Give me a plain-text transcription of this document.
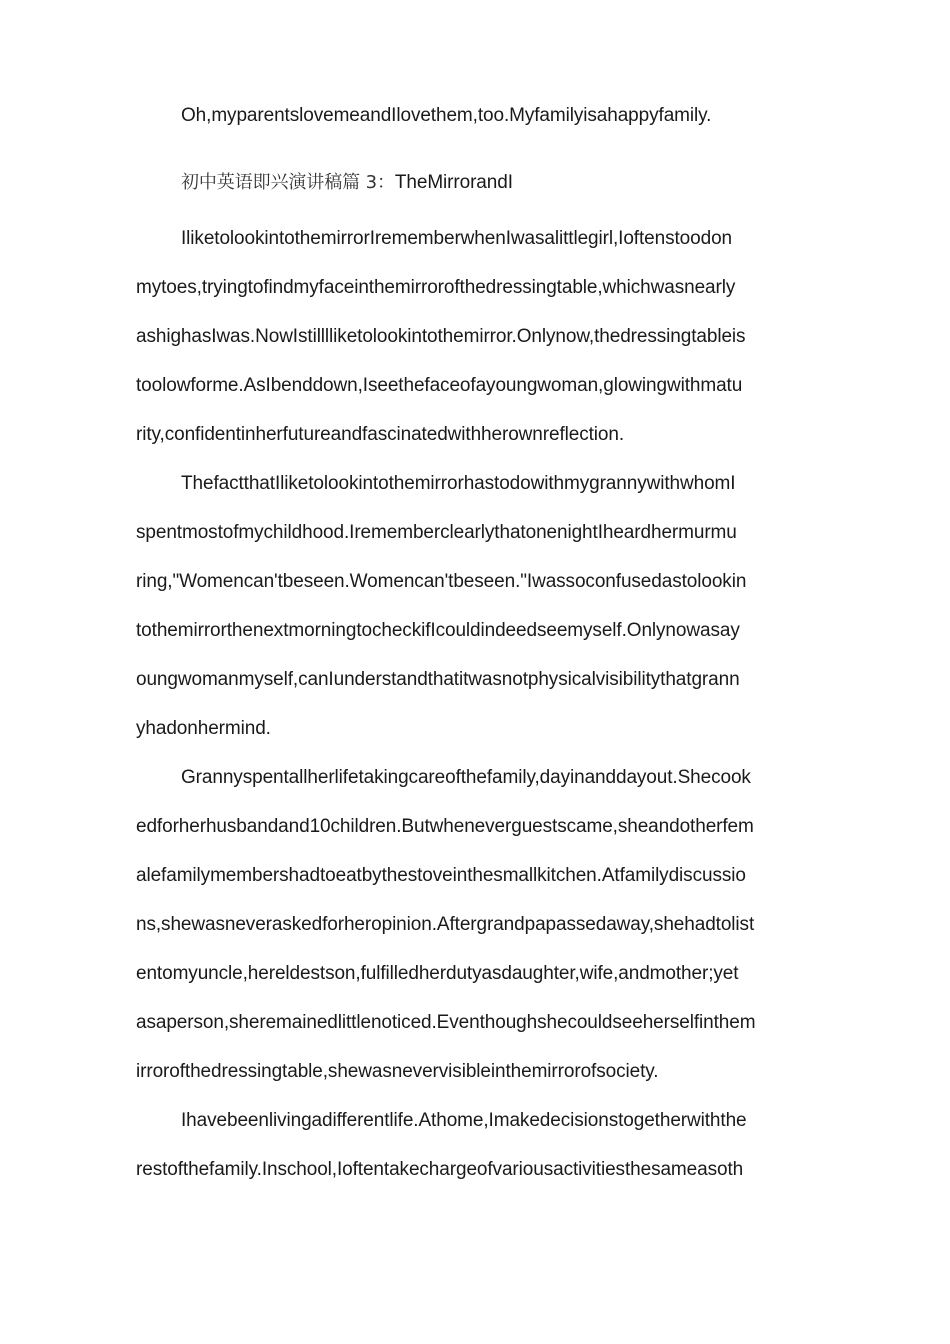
Oh,myparentslovemeandIlovethem,too.Myfamilyisahappyfamily.
初中英语即兴演讲稿篇 3：TheMirrorandI
IliketolookintothemirrorIrememberwhenIwasalittlegirl,Ioftenstoodon
mytoes,tryingtofindmyfaceinthemirrorofthedressingtable,whichwasnearly
ashighasIwas.NowIstilllliketolookintothemirror.Onlynow,thedressingtableis
toolowforme.AsIbenddown,Iseethefaceofayoungwoman,glowingwithmatu
rity,confidentinherfutureandfascinatedwithherownreflection.
ThefactthatIliketolookintothemirrorhastodowithmygrannywithwhomI
spentmostofmychildhood.IrememberclearlythatonenightIheardhermurmu
ring,"Womencan'tbeseen.Womencan'tbeseen."Iwassoconfusedastolookin
tothemirrorthenextmorningtocheckifIcouldindeedseemyself.Onlynowasay
oungwomanmyself,canIunderstandthatitwasnotphysicalvisibilitythatgrann
yhadonhermind.
Grannyspentallherlifetakingcareofthefamily,dayinanddayout.Shecook
edforherhusbandand10children.Butwheneverguestscame,sheandotherfem
alefamilymembershadtoeatbythestoveinthesmallkitchen.Atfamilydiscussio
ns,shewasneveraskedforheropinion.Aftergrandpapassedaway,shehadtolist
entomyuncle,hereldestson,fulfilledherdutyasdaughter,wife,andmother;yet
asaperson,sheremainedlittlenoticed.Eventhoughshecouldseeherselfinthem
irrorofthedressingtable,shewasnevervisibleinthemirrorofsociety.
Ihavebeenlivingadifferentlife.Athome,Imakedecisionstogetherwiththe
restofthefamily.Inschool,Ioftentakechargeofvariousactivitiesthesameasoth
